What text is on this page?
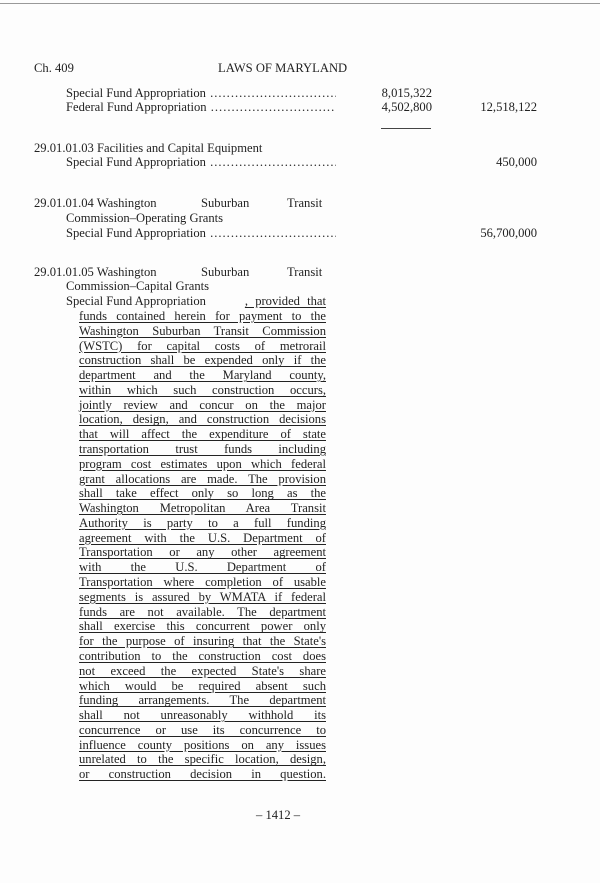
Ch. 409	LAWS OF MARYLAND
Special Fund Appropriation .....	8,015,322
Federal Fund Appropriation .....	4,502,800	12,518,122
29.01.01.03 Facilities and Capital Equipment
Special Fund Appropriation .....	450,000
29.01.01.04 Washington	Suburban	Transit
Commission–Operating Grants
Special Fund Appropriation .....	56,700,000
29.01.01.05 Washington	Suburban	Transit
Commission–Capital Grants
Special Fund Appropriation	, provided that
funds contained herein for payment to the
Washington Suburban Transit Commission
(WSTC) for capital costs of metrorail
construction shall be expended only if the
department and the Maryland county,
within which such construction occurs,
jointly review and concur on the major
location, design, and construction decisions
that will affect the expenditure of state
transportation trust funds including
program cost estimates upon which federal
grant allocations are made. The provision
shall take effect only so long as the
Washington Metropolitan Area Transit
Authority is party to a full funding
agreement with the U.S. Department of
Transportation or any other agreement
with the U.S. Department of
Transportation where completion of usable
segments is assured by WMATA if federal
funds are not available. The department
shall exercise this concurrent power only
for the purpose of insuring that the State's
contribution to the construction cost does
not exceed the expected State's share
which would be required absent such
funding arrangements. The department
shall not unreasonably withhold its
concurrence or use its concurrence to
influence county positions on any issues
unrelated to the specific location, design,
or construction decision in question.
– 1412 –
